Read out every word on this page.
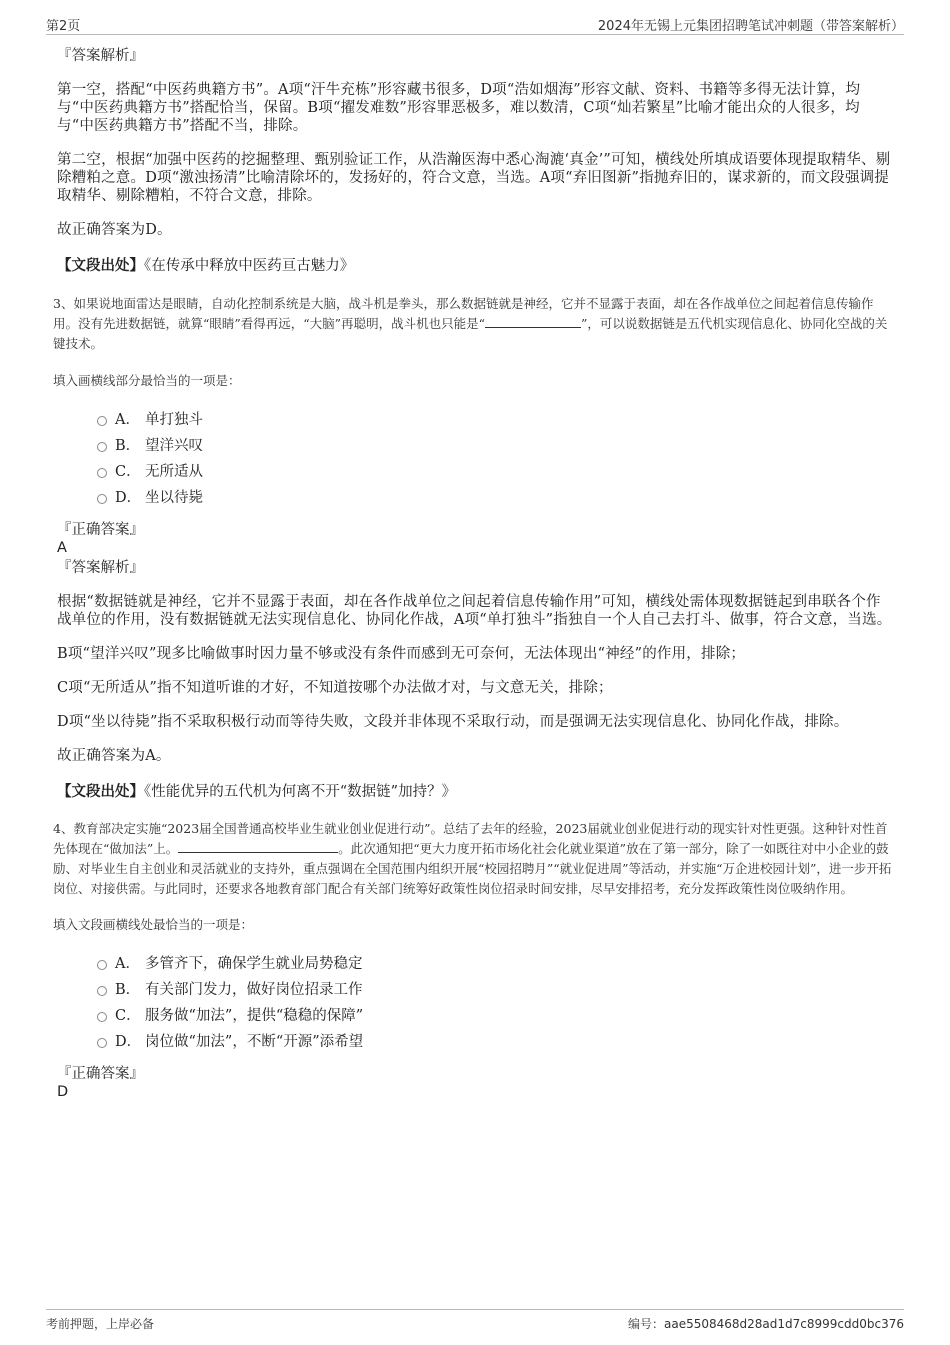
第2页	2024年无锡上元集团招聘笔试冲刺题（带答案解析）

『答案解析』

第一空，搭配“中医药典籍方书”。A项“汗牛充栋”形容藏书很多，D项“浩如烟海”形容文献、资料、书籍等多得无法计算，均与“中医药典籍方书”搭配恰当，保留。B项“擢发难数”形容罪恶极多，难以数清，C项“灿若繁星”比喻才能出众的人很多，均与“中医药典籍方书”搭配不当，排除。

第二空，根据“加强中医药的挖掘整理、甄别验证工作，从浩瀚医海中悉心淘漉‘真金’”可知，横线处所填成语要体现提取精华、剔除糟粕之意。D项“激浊扬清”比喻清除坏的，发扬好的，符合文意，当选。A项“弃旧图新”指抛弃旧的，谋求新的，而文段强调提取精华、剔除糟粕，不符合文意，排除。

故正确答案为D。

【文段出处】《在传承中释放中医药亘古魅力》

3、如果说地面雷达是眼睛，自动化控制系统是大脑，战斗机是拳头，那么数据链就是神经，它并不显露于表面，却在各作战单位之间起着信息传输作用。没有先进数据链，就算“眼睛”看得再远，“大脑”再聪明，战斗机也只能是“	”，可以说数据链是五代机实现信息化、协同化空战的关键技术。

填入画横线部分最恰当的一项是：

A． 单打独斗
B． 望洋兴叹
C． 无所适从
D． 坐以待毙

『正确答案』

A

『答案解析』

根据“数据链就是神经，它并不显露于表面，却在各作战单位之间起着信息传输作用”可知，横线处需体现数据链起到串联各个作战单位的作用，没有数据链就无法实现信息化、协同化作战，A项“单打独斗”指独自一个人自己去打斗、做事，符合文意，当选。

B项“望洋兴叹”现多比喻做事时因力量不够或没有条件而感到无可奈何，无法体现出“神经”的作用，排除；

C项“无所适从”指不知道听谁的才好，不知道按哪个办法做才对，与文意无关，排除；

D项“坐以待毙”指不采取积极行动而等待失败，文段并非体现不采取行动，而是强调无法实现信息化、协同化作战，排除。

故正确答案为A。

【文段出处】《性能优异的五代机为何离不开“数据链”加持？》

4、教育部决定实施“2023届全国普通高校毕业生就业创业促进行动”。总结了去年的经验，2023届就业创业促进行动的现实针对性更强。这种针对性首先体现在“做加法”上。	。此次通知把“更大力度开拓市场化社会化就业渠道”放在了第一部分，除了一如既往对中小企业的鼓励、对毕业生自主创业和灵活就业的支持外，重点强调在全国范围内组织开展“校园招聘月”“就业促进周”等活动，并实施“万企进校园计划”，进一步开拓岗位、对接供需。与此同时，还要求各地教育部门配合有关部门统筹好政策性岗位招录时间安排，尽早安排招考，充分发挥政策性岗位吸纳作用。

填入文段画横线处最恰当的一项是：

A． 多管齐下，确保学生就业局势稳定
B． 有关部门发力，做好岗位招录工作
C． 服务做“加法”，提供“稳稳的保障”
D． 岗位做“加法”，不断“开源”添希望

『正确答案』

D

考前押题，上岸必备	编号：aae5508468d28ad1d7c8999cdd0bc376
